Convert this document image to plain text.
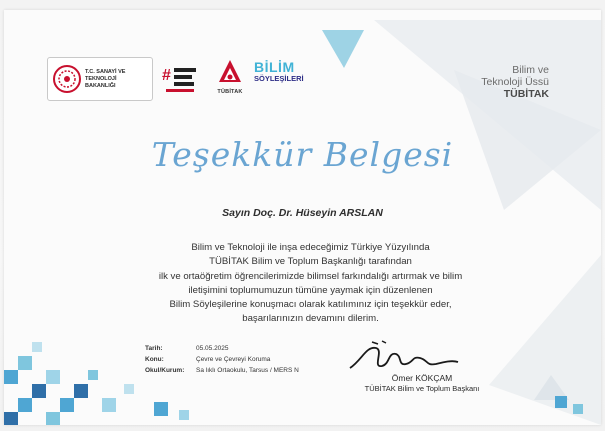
T.C. SANAYİ VE TEKNOLOJİ BAKANLIĞI
#
TÜBİTAK
BİLİM
SÖYLEŞİLERİ
Bilim ve
Teknoloji Üssü
TÜBİTAK
Teşekkür Belgesi
Sayın Doç. Dr. Hüseyin ARSLAN
Bilim ve Teknoloji ile inşa edeceğimiz Türkiye Yüzyılında
TÜBİTAK Bilim ve Toplum Başkanlığı tarafından
ilk ve ortaöğretim öğrencilerimizde bilimsel farkındalığı artırmak ve bilim
iletişimini toplumumuzun tümüne yaymak için düzenlenen
Bilim Söyleşilerine konuşmacı olarak katılımınız için teşekkür eder,
başarılarınızın devamını dilerim.
Tarih:	05.05.2025
Konu:	Çevre ve Çevreyi Koruma
Okul/Kurum: Sa lıklı Ortaokulu, Tarsus / MERS N
Ömer KÖKÇAM
TÜBİTAK Bilim ve Toplum Başkanı
